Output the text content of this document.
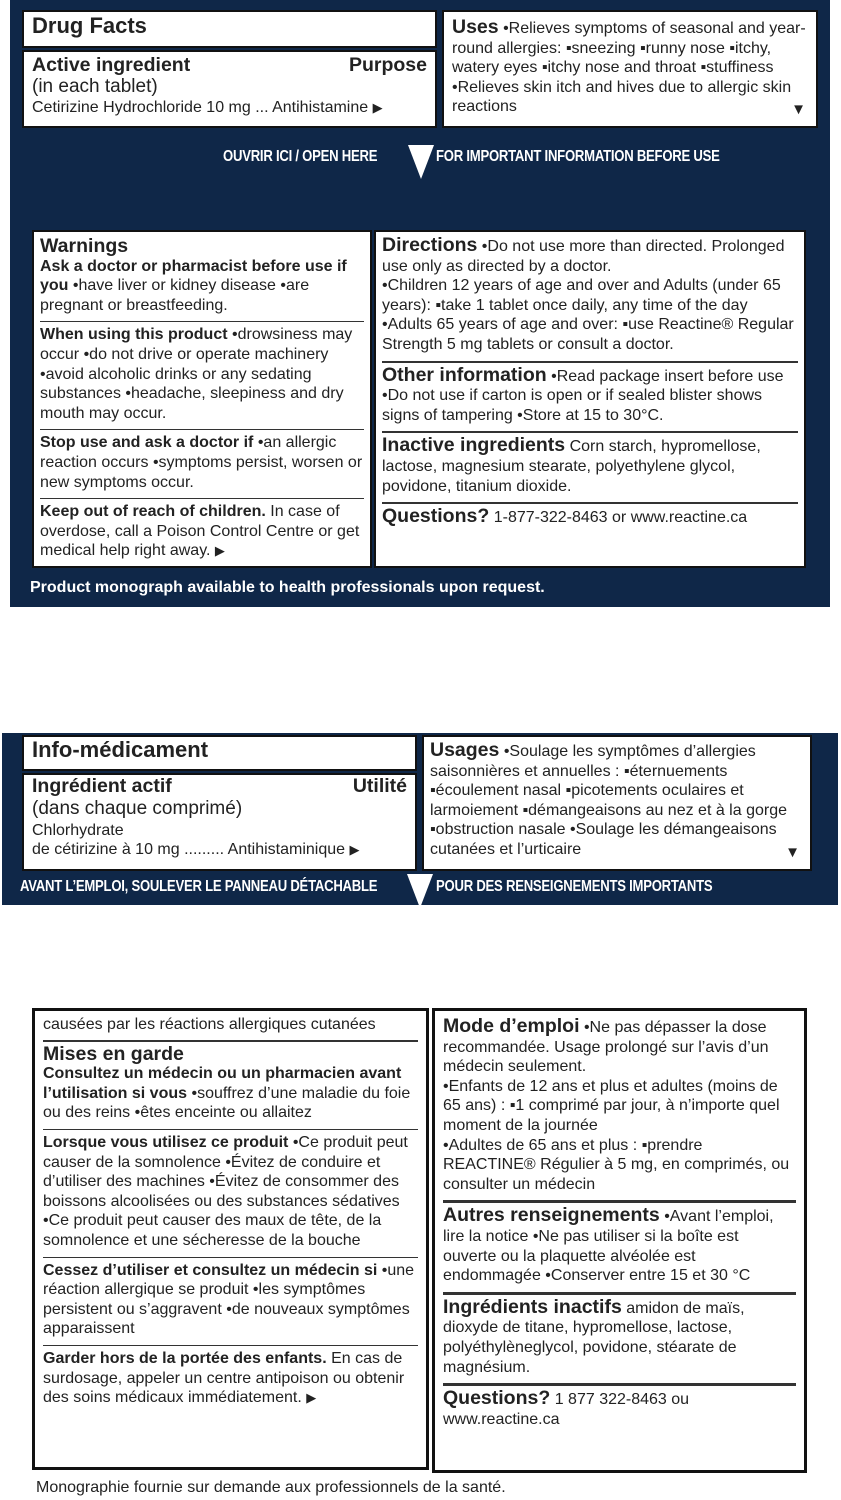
Drug Facts
Active ingredient	Purpose
(in each tablet)
Cetirizine Hydrochloride 10 mg ... Antihistamine ▶
Uses •Relieves symptoms of seasonal and year-round allergies: ▪sneezing ▪runny nose ▪itchy, watery eyes ▪itchy nose and throat ▪stuffiness •Relieves skin itch and hives due to allergic skin reactions	▼
OUVRIR ICI / OPEN HERE	FOR IMPORTANT INFORMATION BEFORE USE
Warnings
Ask a doctor or pharmacist before use if you •have liver or kidney disease •are pregnant or breastfeeding.
When using this product •drowsiness may occur •do not drive or operate machinery •avoid alcoholic drinks or any sedating substances •headache, sleepiness and dry mouth may occur.
Stop use and ask a doctor if •an allergic reaction occurs •symptoms persist, worsen or new symptoms occur.
Keep out of reach of children. In case of overdose, call a Poison Control Centre or get medical help right away. ▶
Directions •Do not use more than directed. Prolonged use only as directed by a doctor.
•Children 12 years of age and over and Adults (under 65 years): ▪take 1 tablet once daily, any time of the day •Adults 65 years of age and over: ▪use Reactine® Regular Strength 5 mg tablets or consult a doctor.
Other information •Read package insert before use •Do not use if carton is open or if sealed blister shows signs of tampering •Store at 15 to 30°C.
Inactive ingredients Corn starch, hypromellose, lactose, magnesium stearate, polyethylene glycol, povidone, titanium dioxide.
Questions? 1-877-322-8463 or www.reactine.ca
Product monograph available to health professionals upon request.
Info-médicament
Ingrédient actif	Utilité
(dans chaque comprimé)
Chlorhydrate
de cétirizine à 10 mg ......... Antihistaminique ▶
Usages •Soulage les symptômes d’allergies saisonnières et annuelles : ▪éternuements ▪écoulement nasal ▪picotements oculaires et larmoiement ▪démangeaisons au nez et à la gorge ▪obstruction nasale •Soulage les démangeaisons cutanées et l’urticaire	▼
AVANT L’EMPLOI, SOULEVER LE PANNEAU DÉTACHABLE	POUR DES RENSEIGNEMENTS IMPORTANTS
causées par les réactions allergiques cutanées
Mises en garde
Consultez un médecin ou un pharmacien avant l’utilisation si vous •souffrez d’une maladie du foie ou des reins •êtes enceinte ou allaitez
Lorsque vous utilisez ce produit •Ce produit peut causer de la somnolence •Évitez de conduire et d’utiliser des machines •Évitez de consommer des boissons alcoolisées ou des substances sédatives •Ce produit peut causer des maux de tête, de la somnolence et une sécheresse de la bouche
Cessez d’utiliser et consultez un médecin si •une réaction allergique se produit •les symptômes persistent ou s’aggravent •de nouveaux symptômes apparaissent
Garder hors de la portée des enfants. En cas de surdosage, appeler un centre antipoison ou obtenir des soins médicaux immédiatement. ▶
Mode d’emploi •Ne pas dépasser la dose recommandée. Usage prolongé sur l’avis d’un médecin seulement.
•Enfants de 12 ans et plus et adultes (moins de 65 ans) : ▪1 comprimé par jour, à n’importe quel moment de la journée
•Adultes de 65 ans et plus : ▪prendre REACTINE® Régulier à 5 mg, en comprimés, ou consulter un médecin
Autres renseignements •Avant l’emploi, lire la notice •Ne pas utiliser si la boîte est ouverte ou la plaquette alvéolée est endommagée •Conserver entre 15 et 30 °C
Ingrédients inactifs amidon de maïs, dioxyde de titane, hypromellose, lactose, polyéthylèneglycol, povidone, stéarate de magnésium.
Questions? 1 877 322-8463 ou www.reactine.ca
Monographie fournie sur demande aux professionnels de la santé.
